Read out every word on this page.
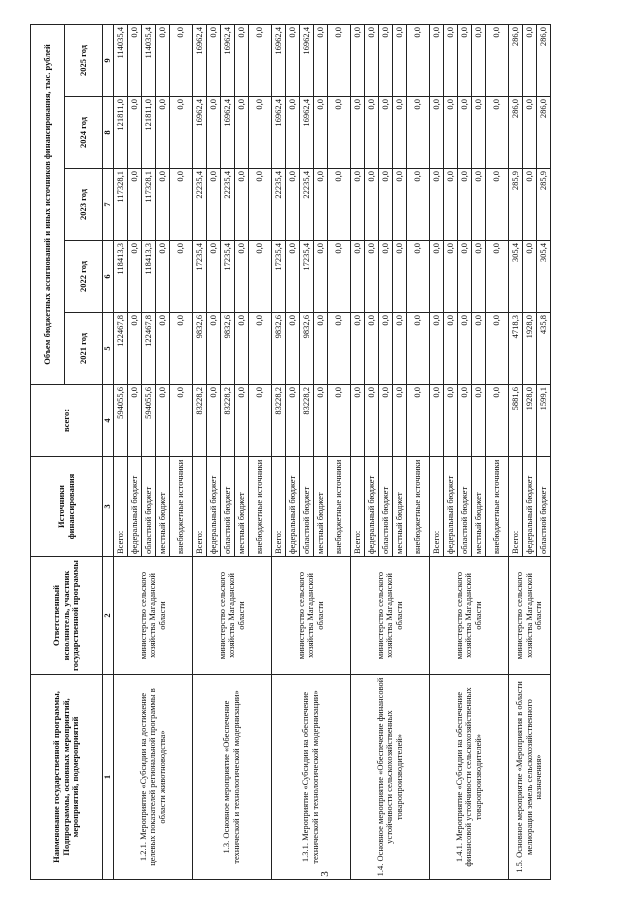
3
Наименование государственной программы, Подпрограммы, основных мероприятий, мероприятий, подмероприятий	Ответственный исполнитель, участник государственной программы	Источники финансирования	всего:	Объем бюджетных ассигнований и иных источников финансирования, тыс. рублей				
				2021 год	2022 год	2023 год	2024 год	2025 год
1	2	3	4	5	6	7	8	9
1.2.1. Мероприятие «Субсидии на достижение целевых показателей региональной программы в области животноводства»	министерство сельского хозяйства Магаданской области	Всего:	594055,6	122467,8	118413,3	117328,1	121811,0	114035,4
		федеральный бюджет	0,0	0,0	0,0	0,0	0,0	0,0
		областной бюджет	594055,6	122467,8	118413,3	117328,1	121811,0	114035,4
		местный бюджет	0,0	0,0	0,0	0,0	0,0	0,0
		внебюджетные источники	0,0	0,0	0,0	0,0	0,0	0,0
1.3. Основное мероприятие «Обеспечение технической и технологической модернизации»	министерство сельского хозяйства Магаданской области	Всего:	83228,2	9832,6	17235,4	22235,4	16962,4	16962,4
		федеральный бюджет	0,0	0,0	0,0	0,0	0,0	0,0
		областной бюджет	83228,2	9832,6	17235,4	22235,4	16962,4	16962,4
		местный бюджет	0,0	0,0	0,0	0,0	0,0	0,0
		внебюджетные источники	0,0	0,0	0,0	0,0	0,0	0,0
1.3.1. Мероприятие «Субсидии на обеспечение технической и технологической модернизации»	министерство сельского хозяйства Магаданской области	Всего:	83228,2	9832,6	17235,4	22235,4	16962,4	16962,4
		федеральный бюджет	0,0	0,0	0,0	0,0	0,0	0,0
		областной бюджет	83228,2	9832,6	17235,4	22235,4	16962,4	16962,4
		местный бюджет	0,0	0,0	0,0	0,0	0,0	0,0
		внебюджетные источники	0,0	0,0	0,0	0,0	0,0	0,0
1.4. Основное мероприятие «Обеспечение финансовой устойчивости сельскохозяйственных товаропроизводителей»	министерство сельского хозяйства Магаданской области	Всего:	0,0	0,0	0,0	0,0	0,0	0,0
		федеральный бюджет	0,0	0,0	0,0	0,0	0,0	0,0
		областной бюджет	0,0	0,0	0,0	0,0	0,0	0,0
		местный бюджет	0,0	0,0	0,0	0,0	0,0	0,0
		внебюджетные источники	0,0	0,0	0,0	0,0	0,0	0,0
1.4.1. Мероприятие «Субсидии на обеспечение финансовой устойчивости сельскохозяйственных товаропроизводителей»	министерство сельского хозяйства Магаданской области	Всего:	0,0	0,0	0,0	0,0	0,0	0,0
		федеральный бюджет	0,0	0,0	0,0	0,0	0,0	0,0
		областной бюджет	0,0	0,0	0,0	0,0	0,0	0,0
		местный бюджет	0,0	0,0	0,0	0,0	0,0	0,0
		внебюджетные источники	0,0	0,0	0,0	0,0	0,0	0,0
1.5. Основное мероприятие «Мероприятия в области мелиорации земель сельскохозяйственного назначения»	министерство сельского хозяйства Магаданской области	Всего:	5881,6	4718,3	305,4	285,9	286,0	286,0
		федеральный бюджет	1928,0	1928,0	0,0	0,0	0,0	0,0
		областной бюджет	1599,1	435,8	305,4	285,9	286,0	286,0
